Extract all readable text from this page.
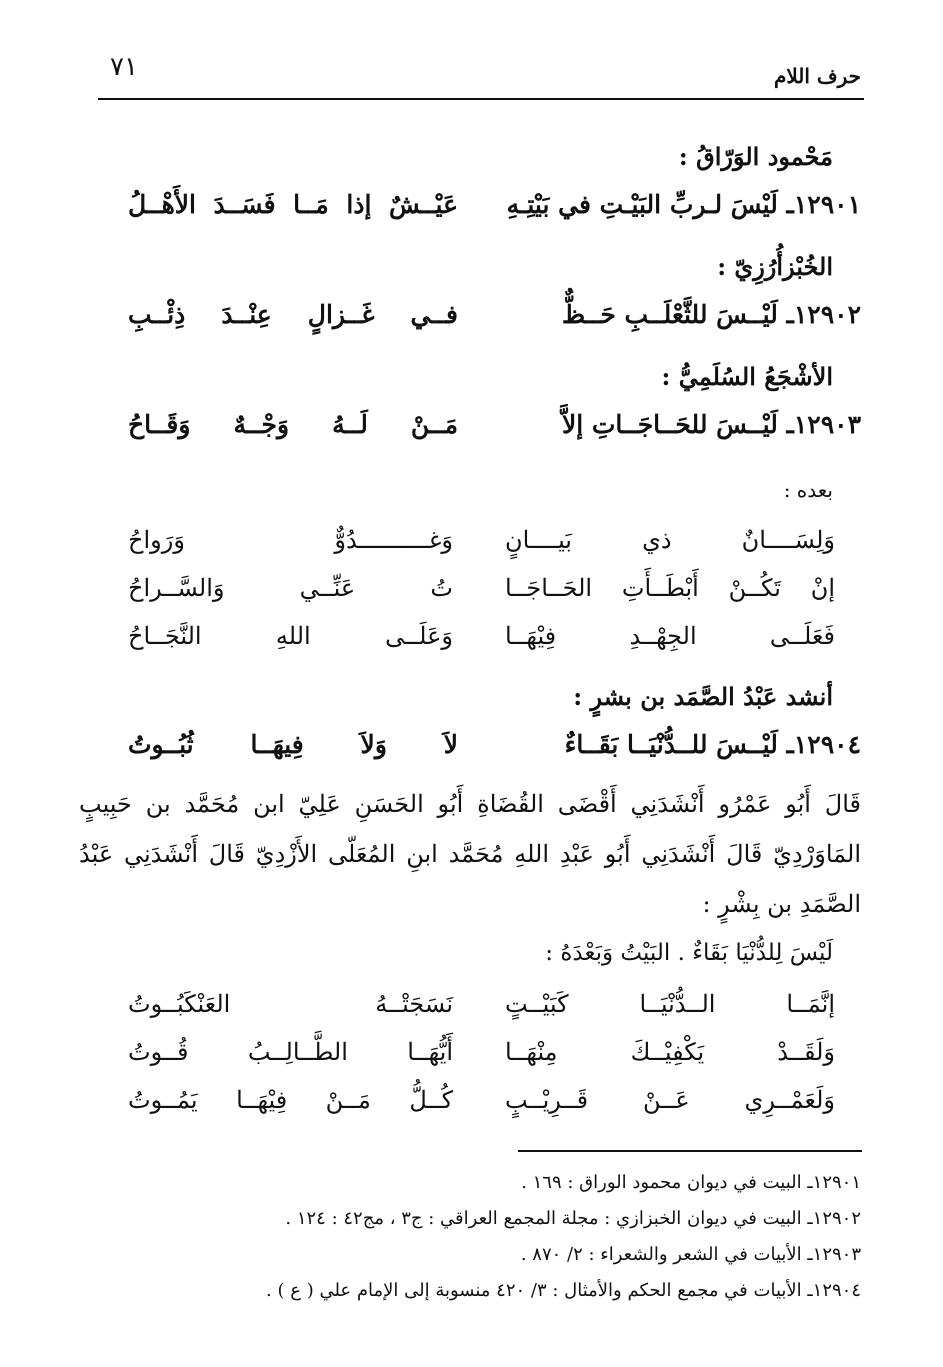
٧١	حرف اللام
مَحْمود الوَرّاقُ :
١٢٩٠١ـ لَيْسَ لـربِّ البَيْـتِ في بَيْتِـهِ
عَيْــشٌ إذا مَــا فَسَــدَ الأَهْــلُ
الخُبْزأُرُزِيّ :
١٢٩٠٢ـ لَيْــسَ للثَّعْلَــبِ حَــظٌّ
فــي غَــزالٍ عِنْــدَ ذِئْــبِ
الأشْجَعُ السُلَمِيُّ :
١٢٩٠٣ـ لَيْــسَ للحَــاجَــاتِ إلاَّ
مَــنْ لَــهُ وَجْــهٌ وَقَــاحُ
بعده :
وَلِسَــــانٌ ذي بَيــــانٍ
وَغــــــــــدُوٌّ وَرَواحُ
إنْ تَكُــنْ أَبْطَــأَتِ الحَــاجَــا
تُ عَنِّــي وَالسَّــراحُ
فَعَلَــى الجِهْــدِ فِيْهَــا
وَعَلَــى اللهِ النَّجَــاحُ
أنشد عَبْدُ الصَّمَد بن بشرٍ :
١٢٩٠٤ـ لَيْــسَ للــدُّنْيَــا بَقَــاءٌ
لاَ وَلاَ فِيهَــا ثُبُــوتُ
قَالَ أَبُو عَمْرُو أَنْشَدَنِي أَقْضَى القُضَاةِ أَبُو الحَسَنِ عَلِيّ ابن مُحَمَّد بن حَبِيبٍ
المَاوَرْدِيّ قَالَ أَنْشَدَنِي أَبُو عَبْدِ اللهِ مُحَمَّد ابنِ المُعَلّى الأَزْدِيّ قَالَ أَنْشَدَنِي عَبْدُ
الصَّمَدِ بن بِشْرٍ :
لَيْسَ لِلدُّنْيَا بَقَاءٌ . البَيْتُ وَبَعْدَهُ :
إنَّمَــا الــدُّنْيَــا كَبَيْــتٍ
نَسَجَتْــهُ العَنْكَبُــوتُ
وَلَقَــدْ يَكْفِيْــكَ مِنْهَــا
أَيُّهَــا الطَّــالِــبُ قُــوتُ
وَلَعَمْــرِي عَــنْ قَــرِيْــبٍ
كُــلُّ مَــنْ فِيْهَــا يَمُــوتُ
١٢٩٠١ـ البيت في ديوان محمود الوراق : ١٦٩ .
١٢٩٠٢ـ البيت في ديوان الخبزازي : مجلة المجمع العراقي : ج٣ ، مج٤٢ : ١٢٤ .
١٢٩٠٣ـ الأبيات في الشعر والشعراء : ٢/ ٨٧٠ .
١٢٩٠٤ـ الأبيات في مجمع الحكم والأمثال : ٣/ ٤٢٠ منسوبة إلى الإمام علي ( ع ) .
